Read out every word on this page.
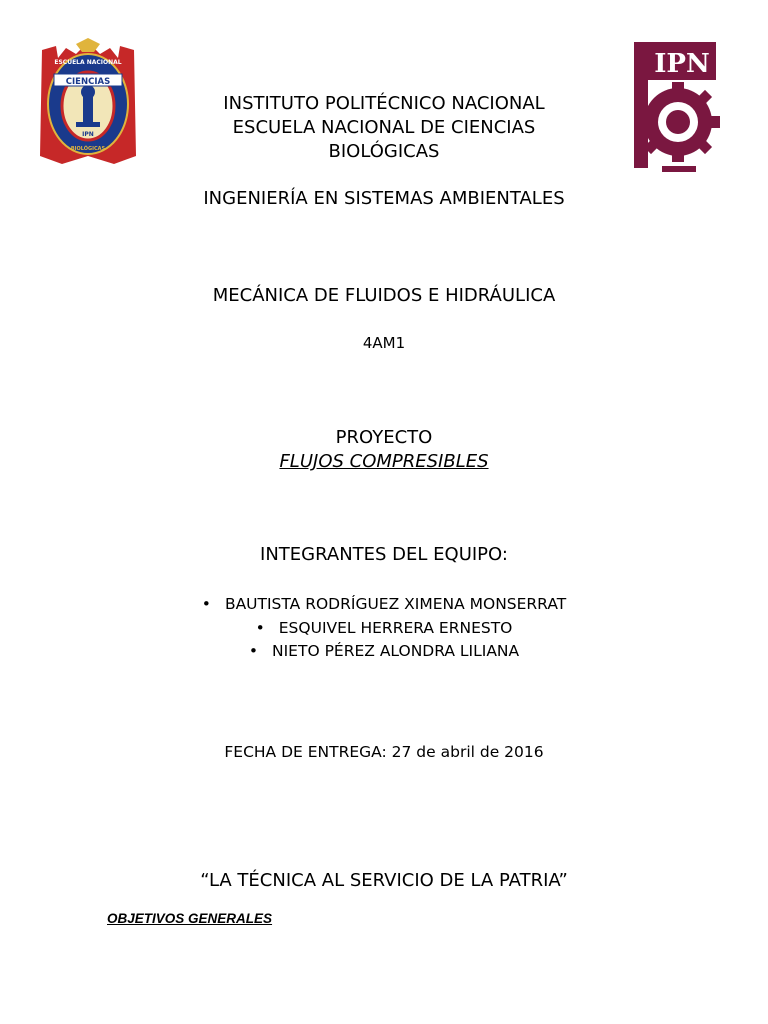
CIENCIAS
ESCUELA NACIONAL
BIOLÓGICAS
IPN
IPN
INSTITUTO POLITÉCNICO NACIONAL
ESCUELA NACIONAL DE CIENCIAS
BIOLÓGICAS
INGENIERÍA EN SISTEMAS AMBIENTALES
MECÁNICA DE FLUIDOS E HIDRÁULICA
4AM1
PROYECTO
FLUJOS COMPRESIBLES
INTEGRANTES DEL EQUIPO:
• BAUTISTA RODRÍGUEZ XIMENA MONSERRAT
• ESQUIVEL HERRERA ERNESTO
• NIETO PÉREZ ALONDRA LILIANA
FECHA DE ENTREGA: 27 de abril de 2016
“LA TÉCNICA AL SERVICIO DE LA PATRIA”
OBJETIVOS GENERALES
